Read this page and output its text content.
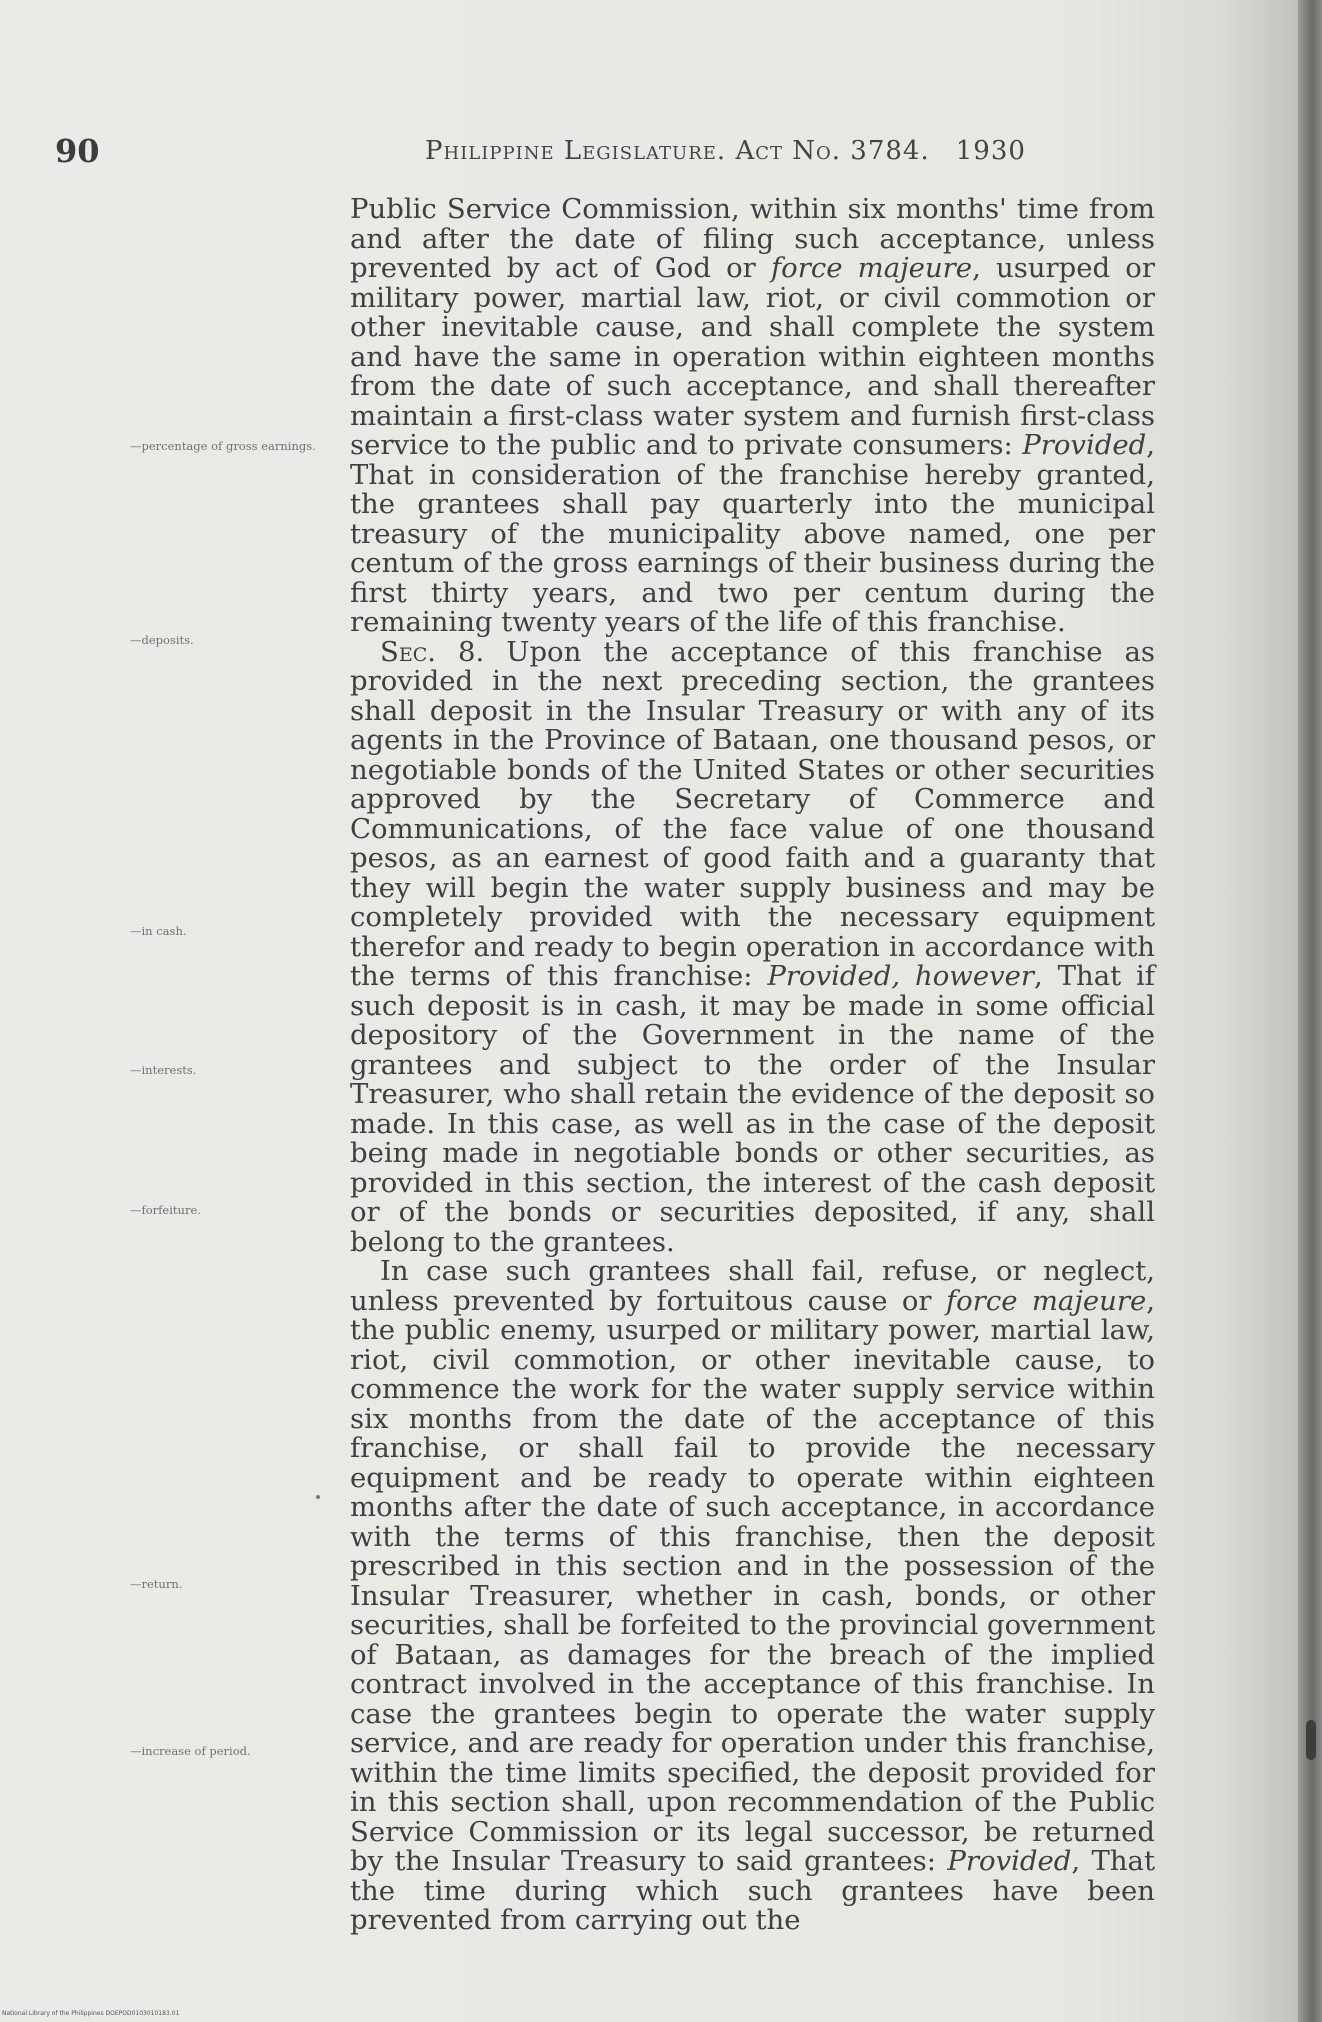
90	Philippine Legislature. Act No. 3784. 1930
—percentage of gross earnings.
—deposits.
—in cash.
—interests.
—forfeiture.
—return.
—increase of period.

Public Service Commission, within six months' time from and after the date of filing such acceptance, unless prevented by act of God or force majeure, usurped or military power, martial law, riot, or civil commotion or other inevitable cause, and shall complete the system and have the same in operation within eighteen months from the date of such acceptance, and shall thereafter maintain a first-class water system and furnish first-class service to the public and to private consumers: Provided, That in consideration of the franchise hereby granted, the grantees shall pay quarterly into the municipal treasury of the municipality above named, one per centum of the gross earnings of their business during the first thirty years, and two per centum during the remaining twenty years of the life of this franchise.

Sec. 8. Upon the acceptance of this franchise as provided in the next preceding section, the grantees shall deposit in the Insular Treasury or with any of its agents in the Province of Bataan, one thousand pesos, or negotiable bonds of the United States or other securities approved by the Secretary of Commerce and Communications, of the face value of one thousand pesos, as an earnest of good faith and a guaranty that they will begin the water supply business and may be completely provided with the necessary equipment therefor and ready to begin operation in accordance with the terms of this franchise: Provided, however, That if such deposit is in cash, it may be made in some official depository of the Government in the name of the grantees and subject to the order of the Insular Treasurer, who shall retain the evidence of the deposit so made. In this case, as well as in the case of the deposit being made in negotiable bonds or other securities, as provided in this section, the interest of the cash deposit or of the bonds or securities deposited, if any, shall belong to the grantees.

In case such grantees shall fail, refuse, or neglect, unless prevented by fortuitous cause or force majeure, the public enemy, usurped or military power, martial law, riot, civil commotion, or other inevitable cause, to commence the work for the water supply service within six months from the date of the acceptance of this franchise, or shall fail to provide the necessary equipment and be ready to operate within eighteen months after the date of such acceptance, in accordance with the terms of this franchise, then the deposit prescribed in this section and in the possession of the Insular Treasurer, whether in cash, bonds, or other securities, shall be forfeited to the provincial government of Bataan, as damages for the breach of the implied contract involved in the acceptance of this franchise. In case the grantees begin to operate the water supply service, and are ready for operation under this franchise, within the time limits specified, the deposit provided for in this section shall, upon recommendation of the Public Service Commission or its legal successor, be returned by the Insular Treasury to said grantees: Provided, That the time during which such grantees have been prevented from carrying out the

National Library of the Philippines DOEPOD0103010183.01
